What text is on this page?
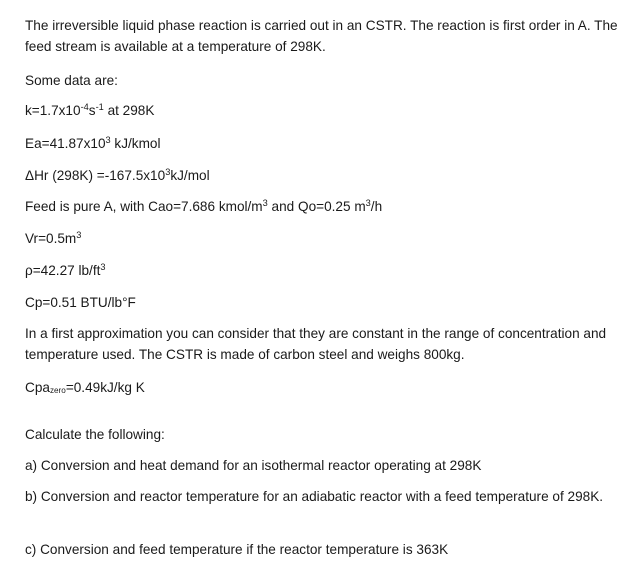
The irreversible liquid phase reaction is carried out in an CSTR. The reaction is first order in A. The feed stream is available at a temperature of 298K.

Some data are:

$k=1.7x10^{-4}s^{-1}$ at 298K

$Ea=41.87x10^3$ kJ/kmol

ΔHr $(298K) =-167.5x10^3kJ$/mol

Feed is pure A, with Cao=7.686 kmol/$m^3$ and Qo=0.25 $m^3/h$

$Vr=0.5m^3$

ρ=42.27 $lb/ft^3$

Cp=0.51 BTU/lb°F

In a first approximation you can consider that they are constant in the range of concentration and temperature used. The CSTR is made of carbon steel and weighs 800kg.

Cpa$_{zero}$=0.49kJ/kg K

Calculate the following:

a) Conversion and heat demand for an isothermal reactor operating at 298K

b) Conversion and reactor temperature for an adiabatic reactor with a feed temperature of 298K.

c) Conversion and feed temperature if the reactor temperature is 363K
